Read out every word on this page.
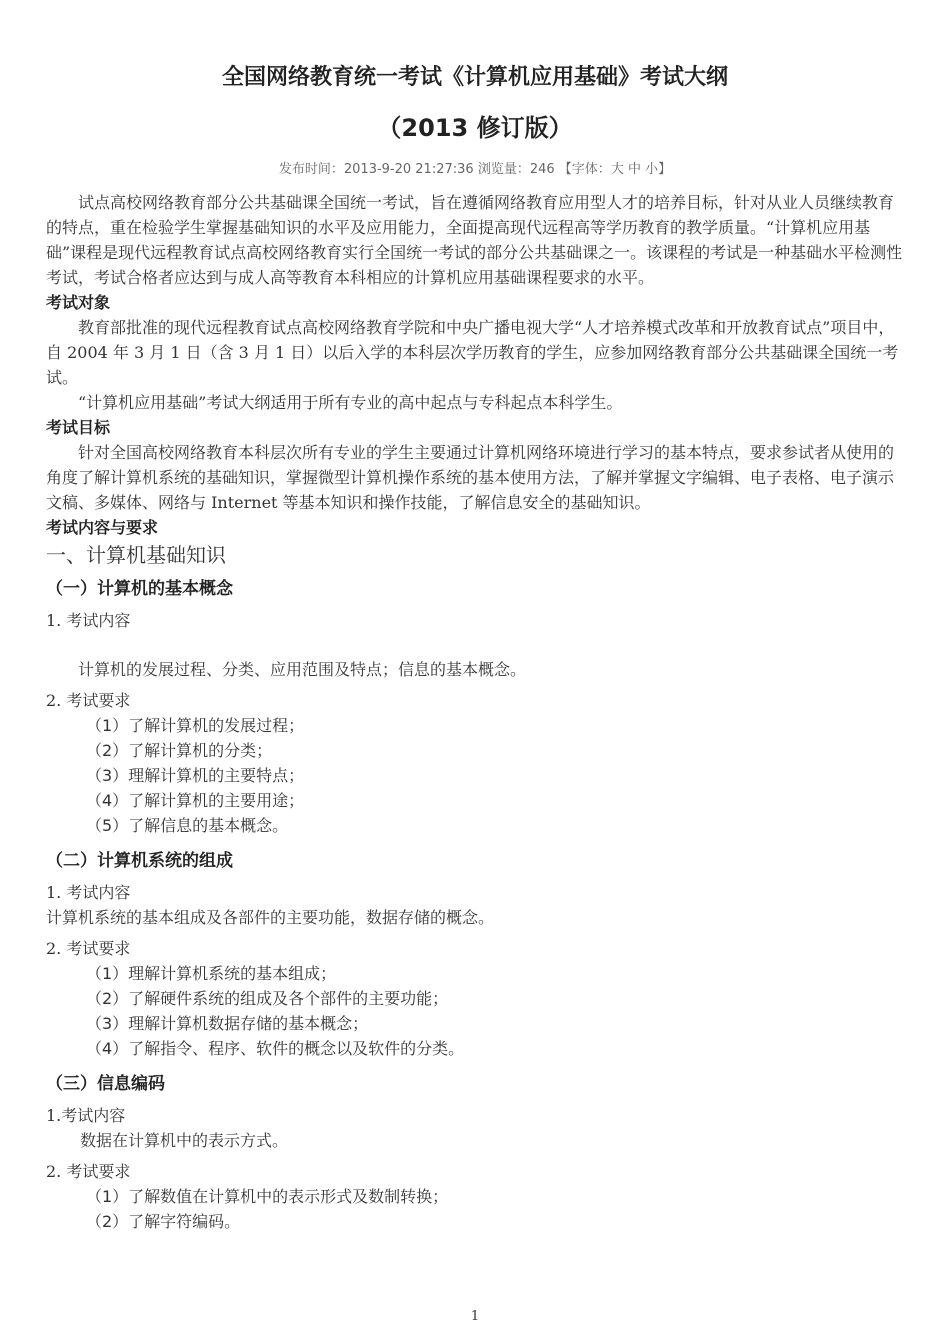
全国网络教育统一考试《计算机应用基础》考试大纲
（2013 修订版）
发布时间：2013-9-20 21:27:36 浏览量：246 【字体：大 中 小】

试点高校网络教育部分公共基础课全国统一考试，旨在遵循网络教育应用型人才的培养目标，针对从业人员继续教育的特点，重在检验学生掌握基础知识的水平及应用能力，全面提高现代远程高等学历教育的教学质量。“计算机应用基础”课程是现代远程教育试点高校网络教育实行全国统一考试的部分公共基础课之一。该课程的考试是一种基础水平检测性考试，考试合格者应达到与成人高等教育本科相应的计算机应用基础课程要求的水平。

考试对象

教育部批准的现代远程教育试点高校网络教育学院和中央广播电视大学“人才培养模式改革和开放教育试点”项目中，自 2004 年 3 月 1 日（含 3 月 1 日）以后入学的本科层次学历教育的学生，应参加网络教育部分公共基础课全国统一考试。

“计算机应用基础”考试大纲适用于所有专业的高中起点与专科起点本科学生。

考试目标

针对全国高校网络教育本科层次所有专业的学生主要通过计算机网络环境进行学习的基本特点，要求参试者从使用的角度了解计算机系统的基础知识，掌握微型计算机操作系统的基本使用方法，了解并掌握文字编辑、电子表格、电子演示文稿、多媒体、网络与 Internet 等基本知识和操作技能，了解信息安全的基础知识。

考试内容与要求
一、计算机基础知识
（一）计算机的基本概念
1. 考试内容

计算机的发展过程、分类、应用范围及特点；信息的基本概念。

2. 考试要求
（1）了解计算机的发展过程；
（2）了解计算机的分类；
（3）理解计算机的主要特点；
（4）了解计算机的主要用途；
（5）了解信息的基本概念。
（二）计算机系统的组成
1. 考试内容

计算机系统的基本组成及各部件的主要功能，数据存储的概念。

2. 考试要求
（1）理解计算机系统的基本组成；
（2）了解硬件系统的组成及各个部件的主要功能；
（3）理解计算机数据存储的基本概念；
（4）了解指令、程序、软件的概念以及软件的分类。
（三）信息编码
1.考试内容

数据在计算机中的表示方式。

2. 考试要求
（1）了解数值在计算机中的表示形式及数制转换；
（2）了解字符编码。
1
